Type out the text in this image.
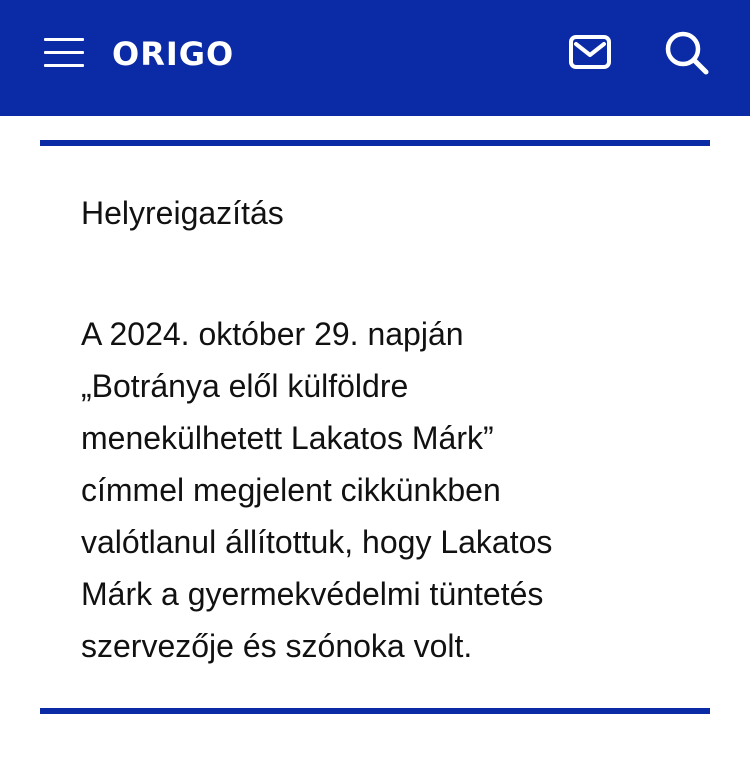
ORIGO
Helyreigazítás

A 2024. október 29. napján
„Botránya elől külföldre
menekülhetett Lakatos Márk”
címmel megjelent cikkünkben
valótlanul állítottuk, hogy Lakatos
Márk a gyermekvédelmi tüntetés
szervezője és szónoka volt.
